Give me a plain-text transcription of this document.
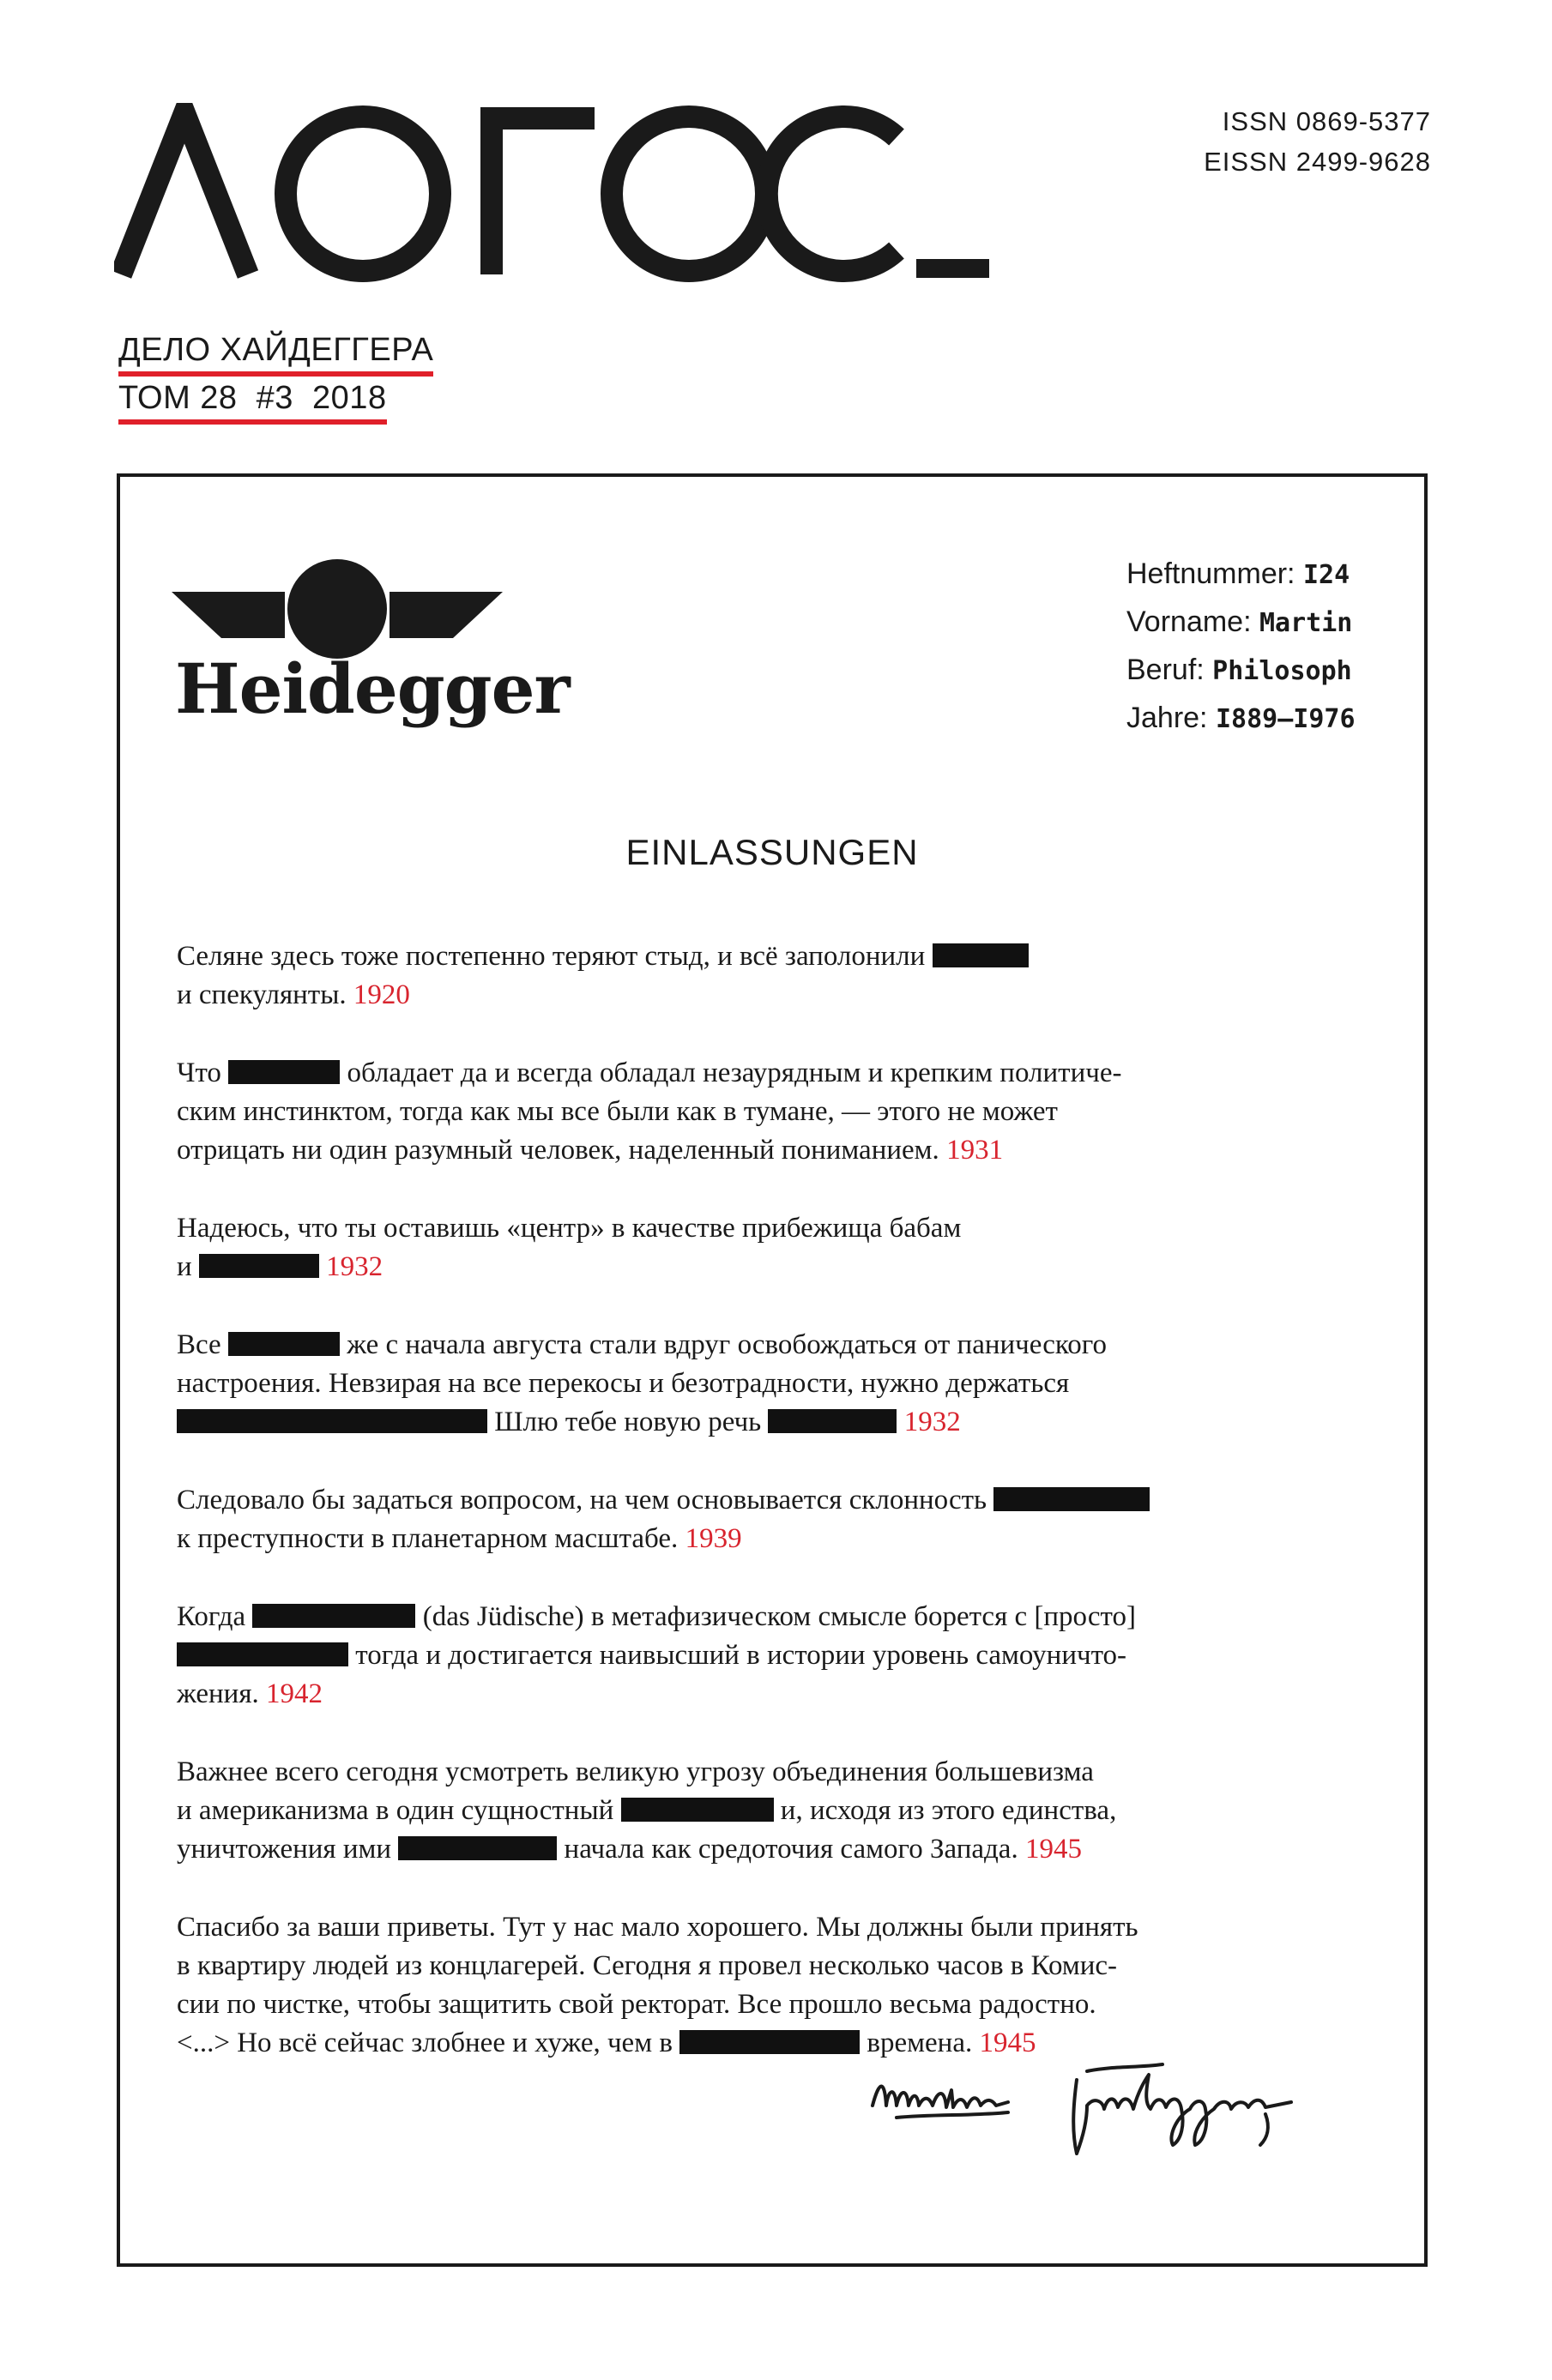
ISSN 0869-5377
EISSN 2499-9628
ДЕЛО ХАЙДЕГГЕРА
ТОМ 28  #3  2018
Heidegger
Heftnummer: I24
Vorname: Martin
Beruf: Philosoph
Jahre: I889—I976
EINLASSUNGEN
Селяне здесь тоже постепенно теряют стыд, и всё заполонили
и спекулянты. 1920
Что	обладает да и всегда обладал незаурядным и крепким политиче-
ским инстинктом, тогда как мы все были как в тумане, — этого не может
отрицать ни один разумный человек, наделенный пониманием. 1931
Надеюсь, что ты оставишь «центр» в качестве прибежища бабам
и	1932
Все	же с начала августа стали вдруг освобождаться от панического
настроения. Невзирая на все перекосы и безотрадности, нужно держаться
Шлю тебе новую речь	1932
Следовало бы задаться вопросом, на чем основывается склонность
к преступности в планетарном масштабе. 1939
Когда	(das Jüdische) в метафизическом смысле борется с [просто]
тогда и достигается наивысший в истории уровень самоуничто-
жения. 1942
Важнее всего сегодня усмотреть великую угрозу объединения большевизма
и американизма в один сущностный	и, исходя из этого единства,
уничтожения ими	начала как средоточия самого Запада. 1945
Спасибо за ваши приветы. Тут у нас мало хорошего. Мы должны были принять
в квартиру людей из концлагерей. Сегодня я провел несколько часов в Комис-
сии по чистке, чтобы защитить свой ректорат. Все прошло весьма радостно.
<...> Но всё сейчас злобнее и хуже, чем в	времена. 1945
